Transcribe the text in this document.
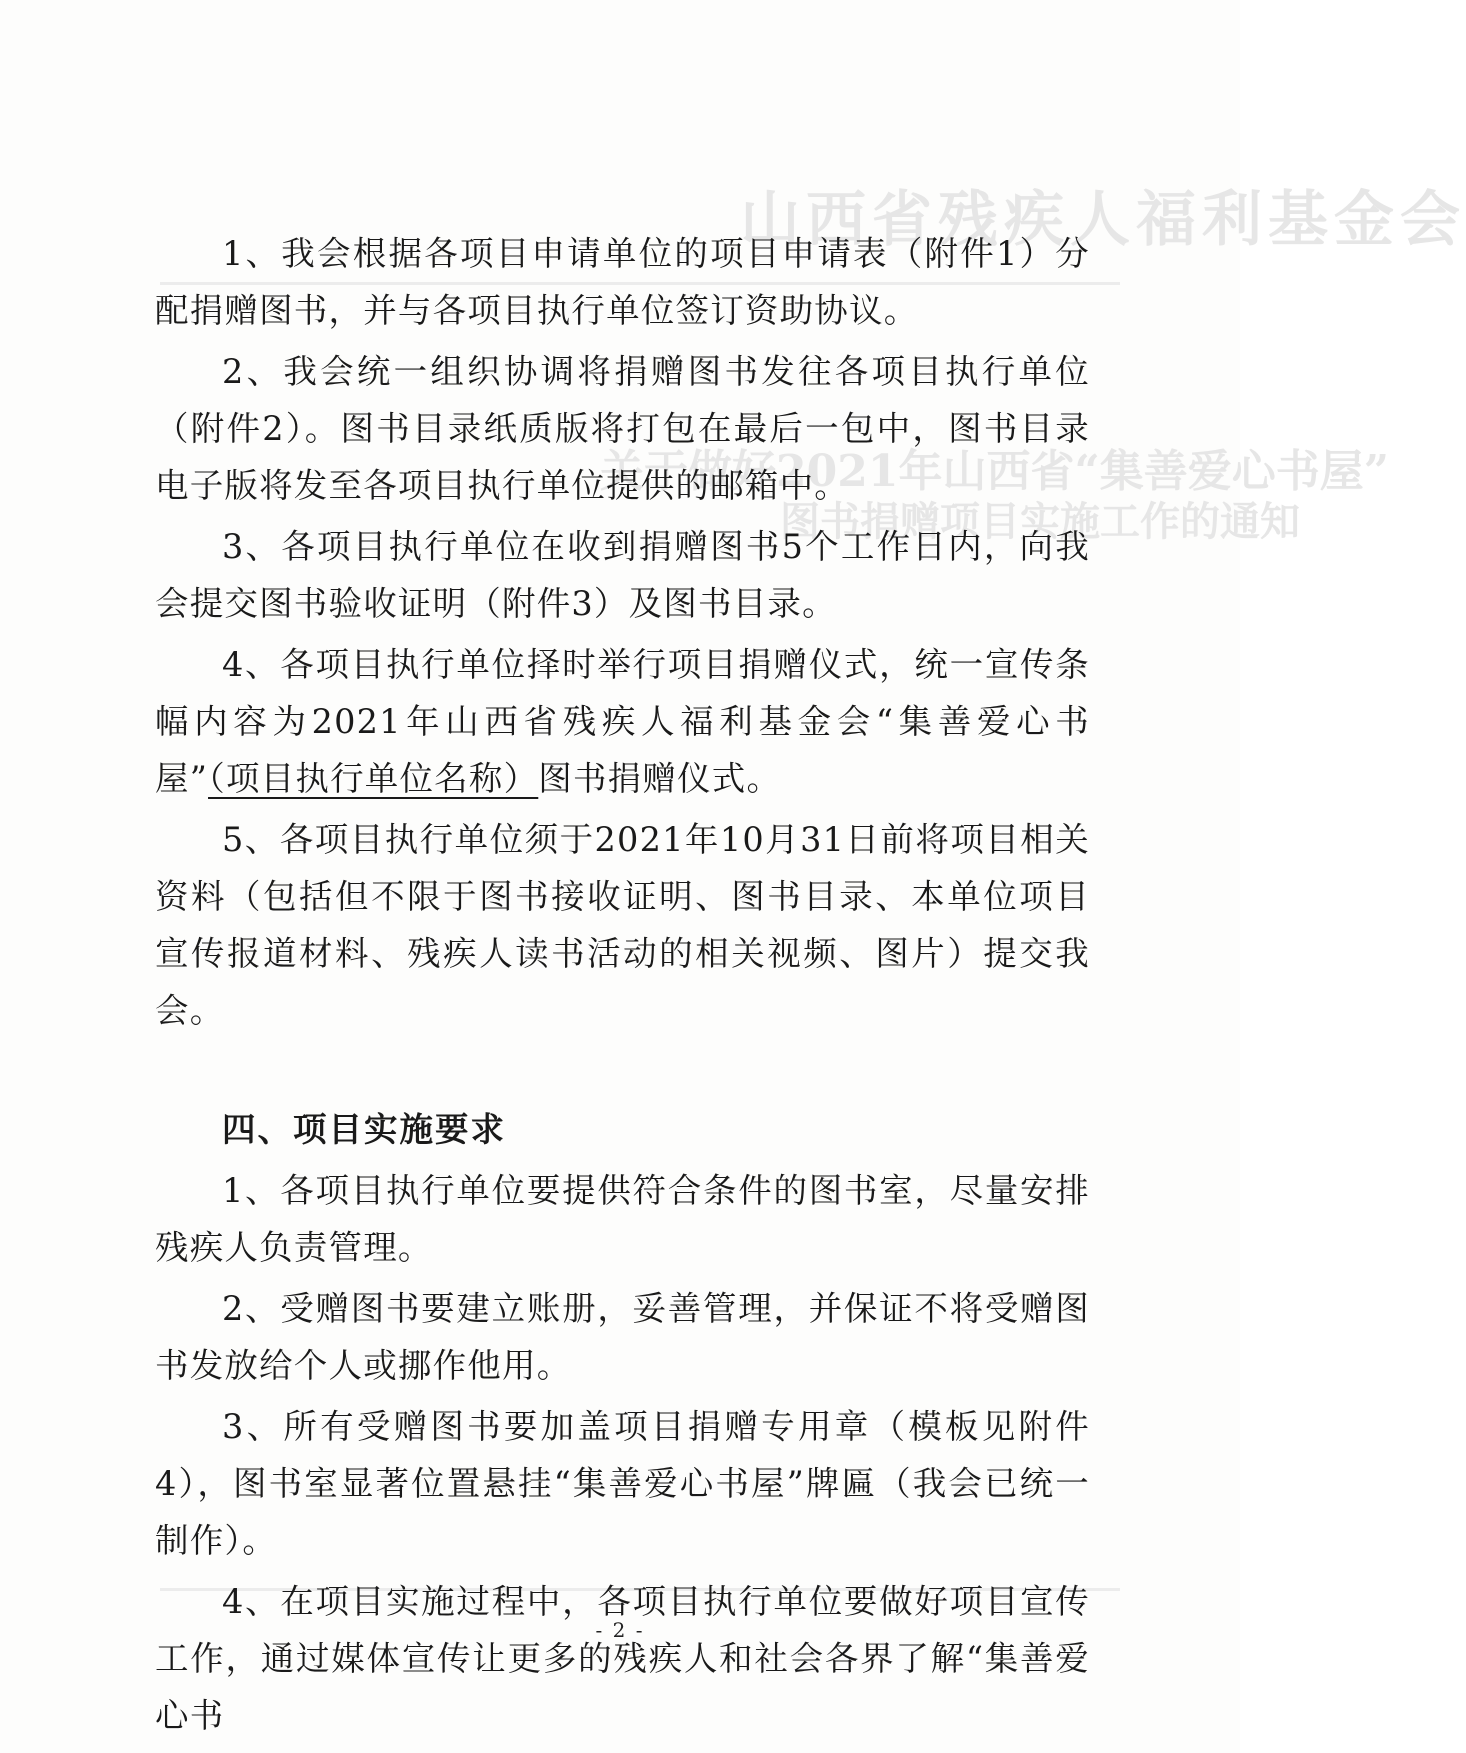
山西省残疾人福利基金会
关于做好2021年山西省“集善爱心书屋”
图书捐赠项目实施工作的通知

1、我会根据各项目申请单位的项目申请表（附件1）分配捐赠图书，并与各项目执行单位签订资助协议。

2、我会统一组织协调将捐赠图书发往各项目执行单位（附件2）。图书目录纸质版将打包在最后一包中，图书目录电子版将发至各项目执行单位提供的邮箱中。

3、各项目执行单位在收到捐赠图书5个工作日内，向我会提交图书验收证明（附件3）及图书目录。

4、各项目执行单位择时举行项目捐赠仪式，统一宣传条幅内容为2021年山西省残疾人福利基金会“集善爱心书屋”（项目执行单位名称）图书捐赠仪式。

5、各项目执行单位须于2021年10月31日前将项目相关资料（包括但不限于图书接收证明、图书目录、本单位项目宣传报道材料、残疾人读书活动的相关视频、图片）提交我会。

四、项目实施要求

1、各项目执行单位要提供符合条件的图书室，尽量安排残疾人负责管理。

2、受赠图书要建立账册，妥善管理，并保证不将受赠图书发放给个人或挪作他用。

3、所有受赠图书要加盖项目捐赠专用章（模板见附件4），图书室显著位置悬挂“集善爱心书屋”牌匾（我会已统一制作）。

4、在项目实施过程中，各项目执行单位要做好项目宣传工作，通过媒体宣传让更多的残疾人和社会各界了解“集善爱心书

- 2 -
